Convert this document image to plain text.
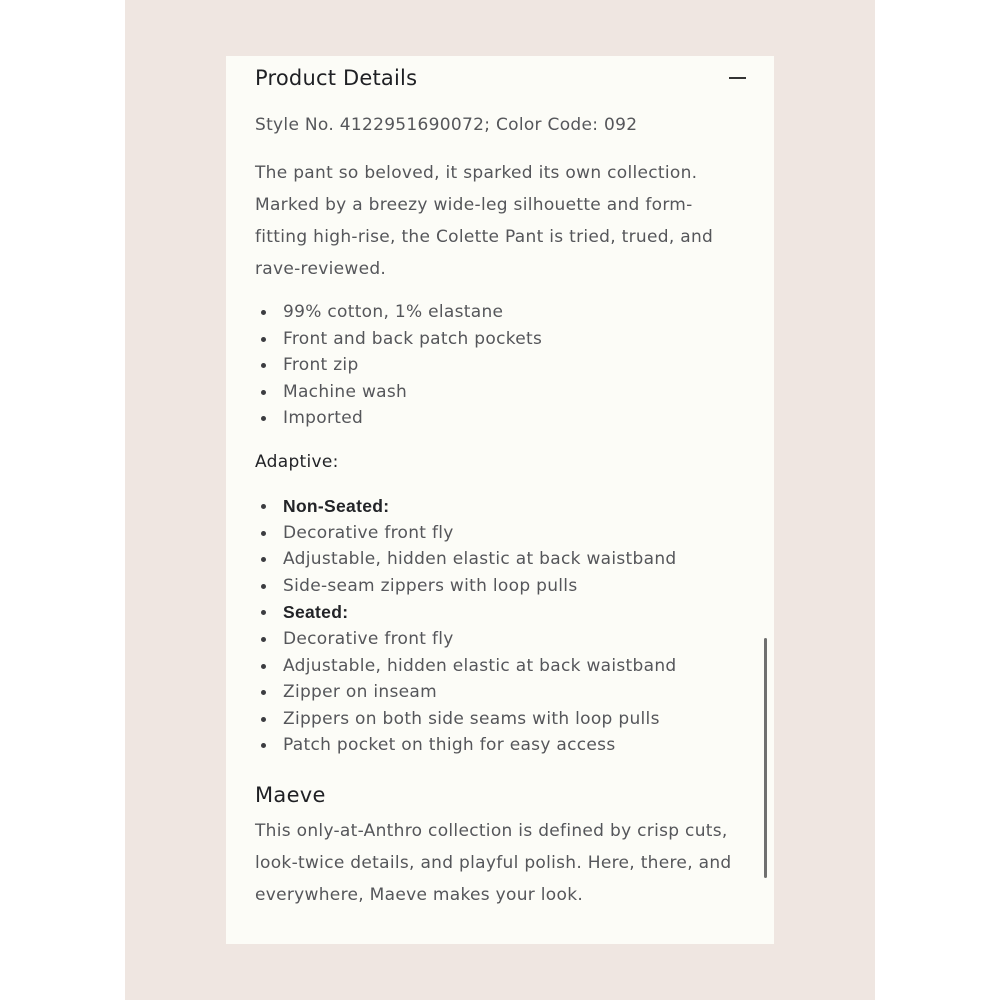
Product Details
Style No. 4122951690072; Color Code: 092
The pant so beloved, it sparked its own collection. Marked by a breezy wide-leg silhouette and form-fitting high-rise, the Colette Pant is tried, trued, and rave-reviewed.
99% cotton, 1% elastane
Front and back patch pockets
Front zip
Machine wash
Imported
Adaptive:
Non-Seated:
Decorative front fly
Adjustable, hidden elastic at back waistband
Side-seam zippers with loop pulls
Seated:
Decorative front fly
Adjustable, hidden elastic at back waistband
Zipper on inseam
Zippers on both side seams with loop pulls
Patch pocket on thigh for easy access
Maeve
This only-at-Anthro collection is defined by crisp cuts, look-twice details, and playful polish. Here, there, and everywhere, Maeve makes your look.
